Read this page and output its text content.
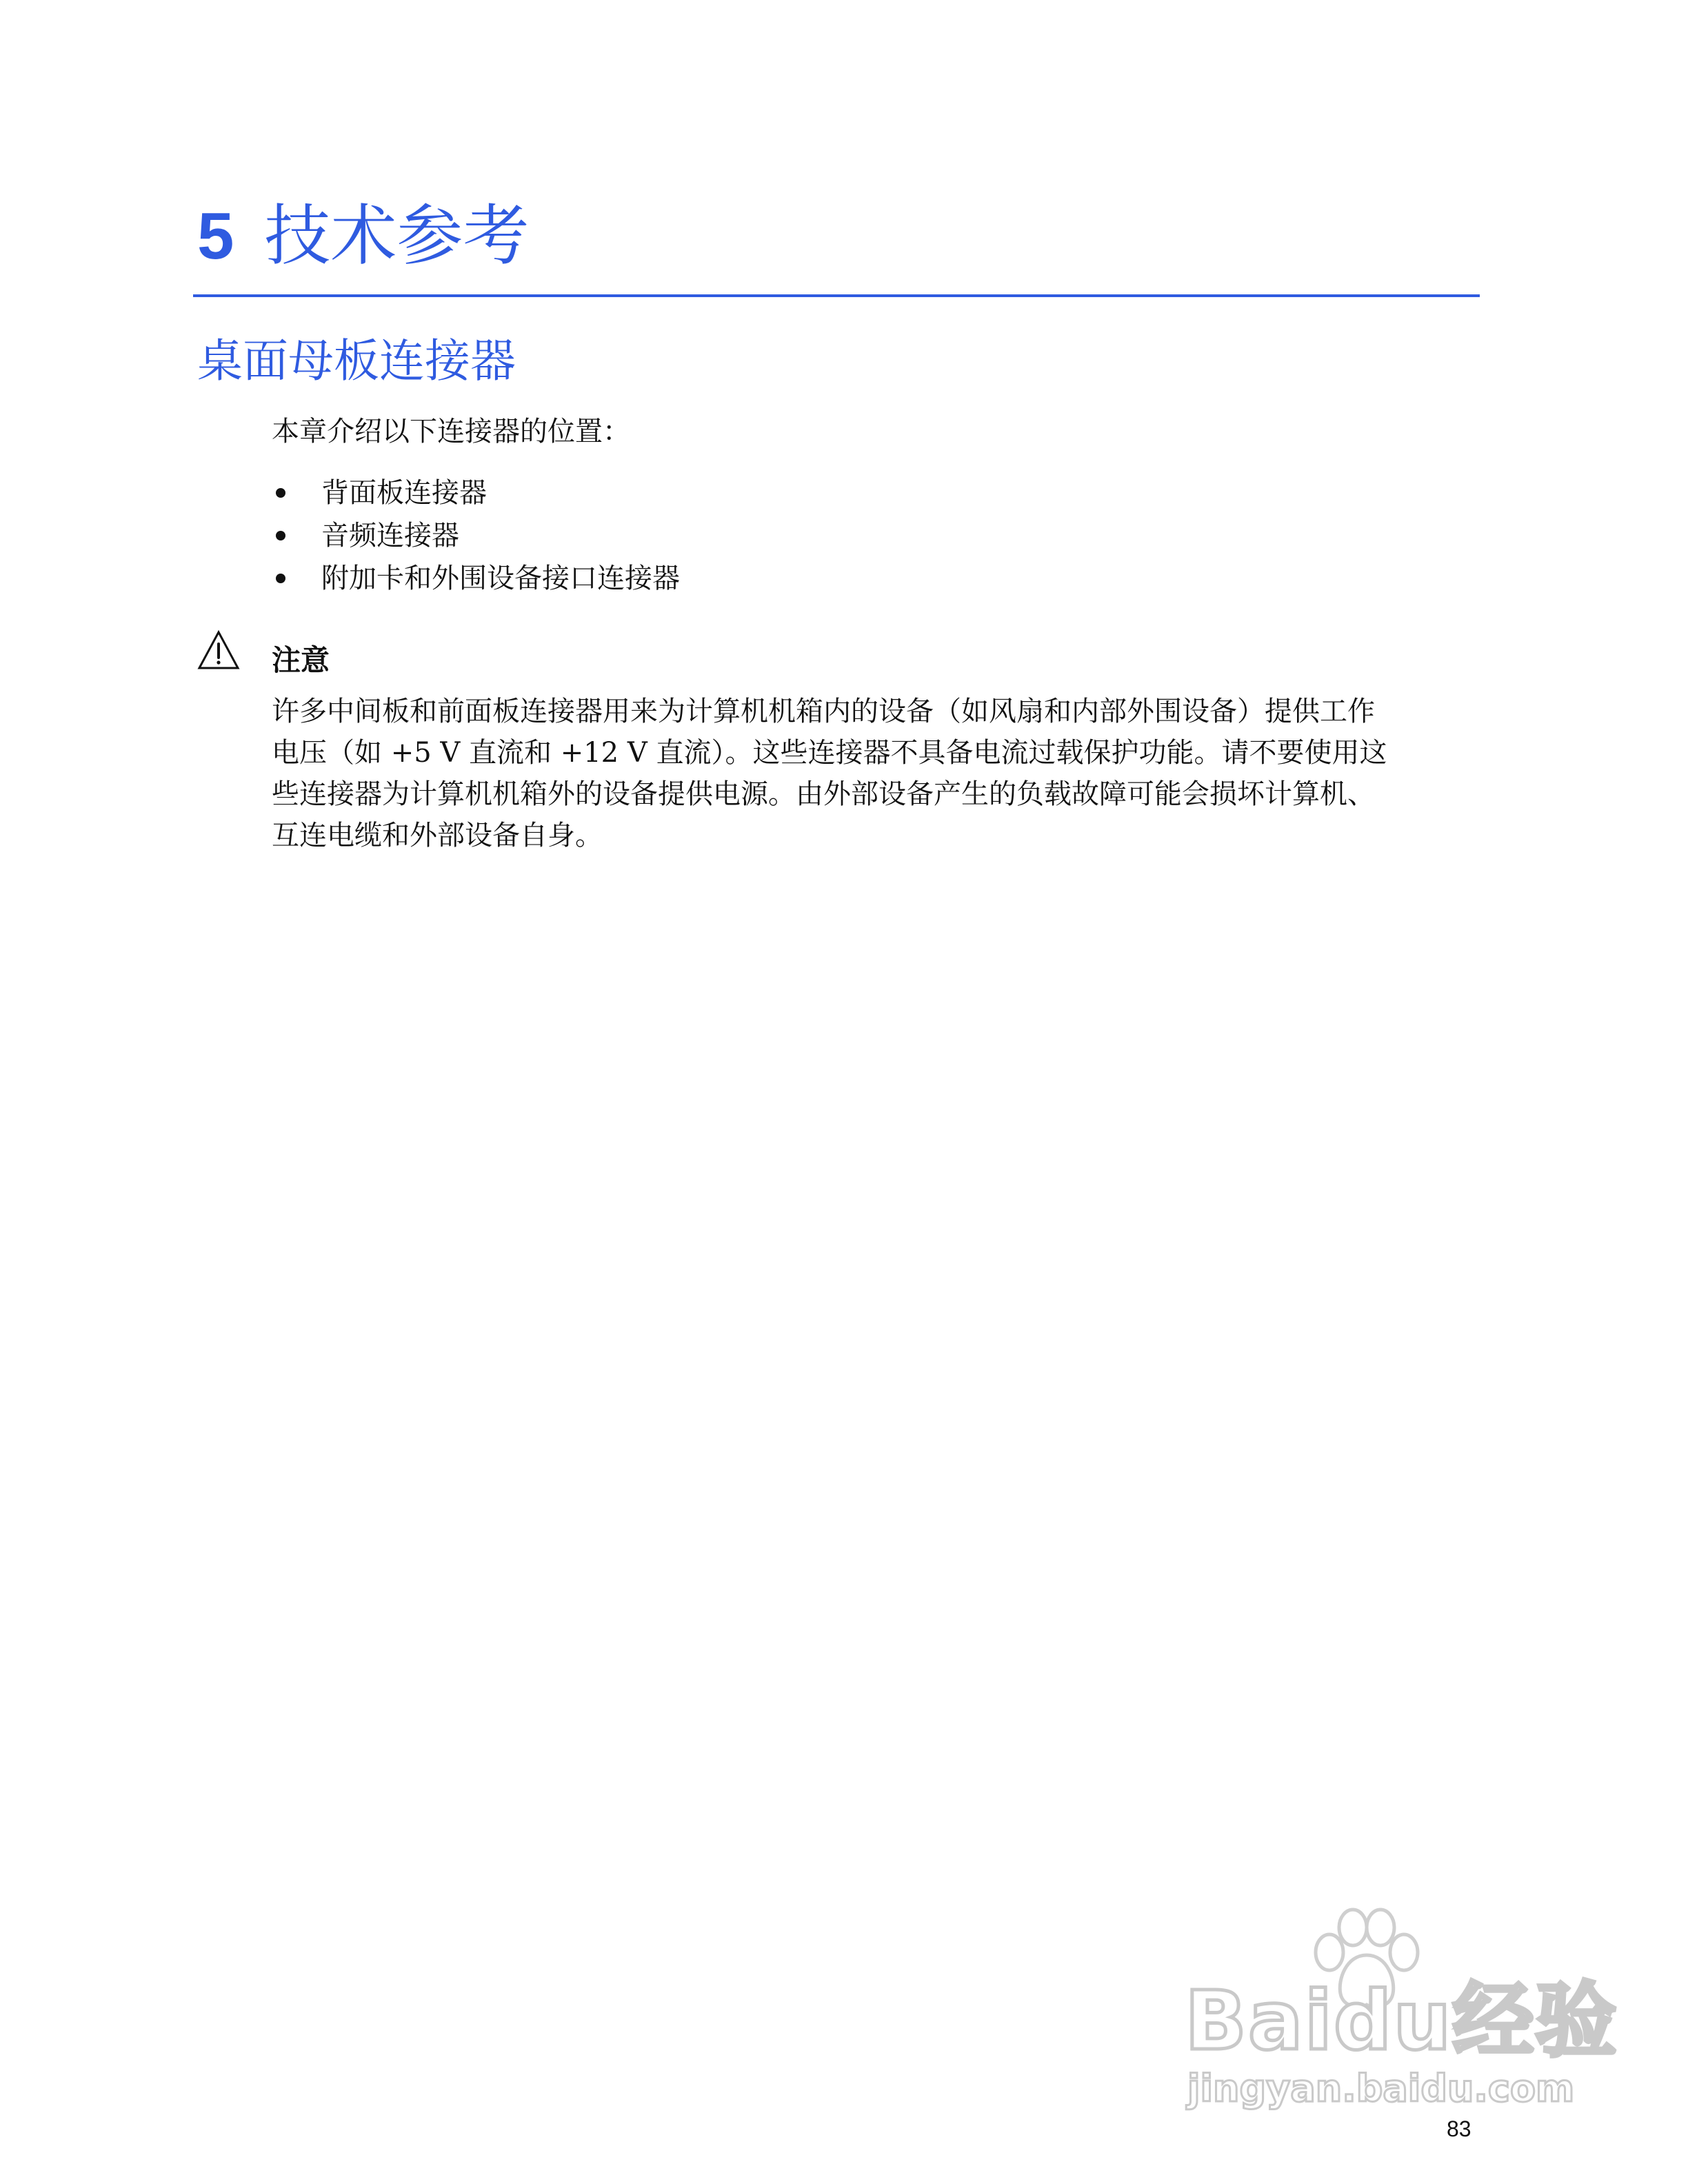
5 技术参考
桌面母板连接器
本章介绍以下连接器的位置：
背面板连接器
音频连接器
附加卡和外围设备接口连接器
注意
许多中间板和前面板连接器用来为计算机机箱内的设备（如风扇和内部外围设备）提供工作
电压（如 +5 V 直流和 +12 V 直流）。这些连接器不具备电流过载保护功能。请不要使用这
些连接器为计算机机箱外的设备提供电源。由外部设备产生的负载故障可能会损坏计算机、
互连电缆和外部设备自身。
Baidu经验
jingyan.baidu.com
83
